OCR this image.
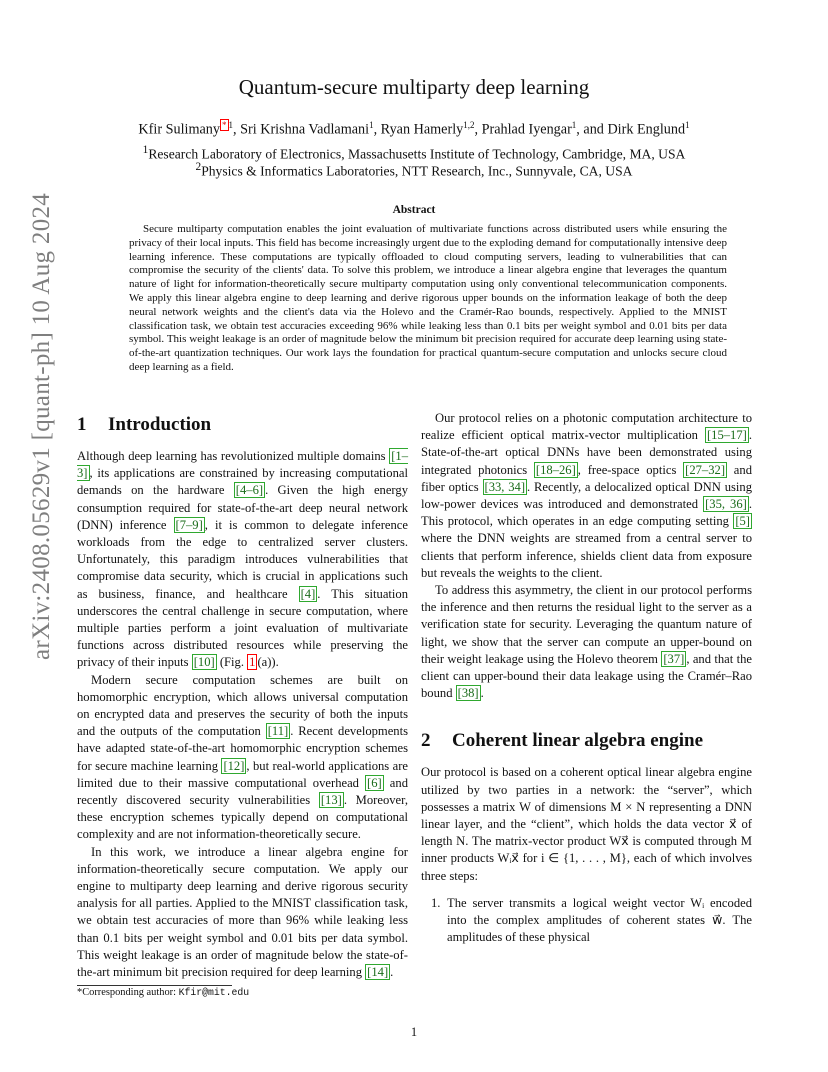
arXiv:2408.05629v1 [quant-ph] 10 Aug 2024
Quantum-secure multiparty deep learning
Kfir Sulimany * $^1$, Sri Krishna Vadlamani$^1$, Ryan Hamerly$^{1,2}$, Prahlad Iyengar$^1$, and Dirk Englund$^1$
$^1$Research Laboratory of Electronics, Massachusetts Institute of Technology, Cambridge, MA, USA
$^2$Physics & Informatics Laboratories, NTT Research, Inc., Sunnyvale, CA, USA
Abstract

Secure multiparty computation enables the joint evaluation of multivariate functions across distributed users while ensuring the privacy of their local inputs. This field has become increasingly urgent due to the exploding demand for computationally intensive deep learning inference. These computations are typically offloaded to cloud computing servers, leading to vulnerabilities that can compromise the security of the clients' data. To solve this problem, we introduce a linear algebra engine that leverages the quantum nature of light for information-theoretically secure multiparty computation using only conventional telecommunication components. We apply this linear algebra engine to deep learning and derive rigorous upper bounds on the information leakage of both the deep neural network weights and the client's data via the Holevo and the Cramér-Rao bounds, respectively. Applied to the MNIST classification task, we obtain test accuracies exceeding 96% while leaking less than 0.1 bits per weight symbol and 0.01 bits per data symbol. This weight leakage is an order of magnitude below the minimum bit precision required for accurate deep learning using state-of-the-art quantization techniques. Our work lays the foundation for practical quantum-secure computation and unlocks secure cloud deep learning as a field.

1 Introduction

Although deep learning has revolutionized multiple domains [1–3] , its applications are constrained by increasing computational demands on the hardware [4–6] . Given the high energy consumption required for state-of-the-art deep neural network (DNN) inference [7–9] , it is common to delegate inference workloads from the edge to centralized server clusters. Unfortunately, this paradigm introduces vulnerabilities that compromise data security, which is crucial in applications such as business, finance, and healthcare [4] . This situation underscores the central challenge in secure computation, where multiple parties perform a joint evaluation of multivariate functions across distributed resources while preserving the privacy of their inputs [10] (Fig. 1 (a)).

Modern secure computation schemes are built on homomorphic encryption, which allows universal computation on encrypted data and preserves the security of both the inputs and the outputs of the computation [11] . Recent developments have adapted state-of-the-art homomorphic encryption schemes for secure machine learning [12] , but real-world applications are limited due to their massive computational overhead [6] and recently discovered security vulnerabilities [13] . Moreover, these encryption schemes typically depend on computational complexity and are not information-theoretically secure.

In this work, we introduce a linear algebra engine for information-theoretically secure computation. We apply our engine to multiparty deep learning and derive rigorous security analysis for all parties. Applied to the MNIST classification task, we obtain test accuracies of more than 96% while leaking less than 0.1 bits per weight symbol and 0.01 bits per data symbol. This weight leakage is an order of magnitude below the state-of-the-art minimum bit precision required for deep learning [14] .

Our protocol relies on a photonic computation architecture to realize efficient optical matrix-vector multiplication [15–17] . State-of-the-art optical DNNs have been demonstrated using integrated photonics [18–26] , free-space optics [27–32] and fiber optics [33, 34] . Recently, a delocalized optical DNN using low-power devices was introduced and demonstrated [35, 36] . This protocol, which operates in an edge computing setting [5] where the DNN weights are streamed from a central server to clients that perform inference, shields client data from exposure but reveals the weights to the client.

To address this asymmetry, the client in our protocol performs the inference and then returns the residual light to the server as a verification state for security. Leveraging the quantum nature of light, we show that the server can compute an upper-bound on their weight leakage using the Holevo theorem [37] , and that the client can upper-bound their data leakage using the Cramér–Rao bound [38] .

2 Coherent linear algebra engine

Our protocol is based on a coherent optical linear algebra engine utilized by two parties in a network: the “server”, which possesses a matrix W of dimensions M × N representing a DNN linear layer, and the “client”, which holds the data vector x⃗ of length N. The matrix-vector product Wx⃗ is computed through M inner products Wᵢx⃗ for i ∈ {1, . . . , M}, each of which involves three steps:

1. The server transmits a logical weight vector Wᵢ encoded into the complex amplitudes of coherent states w⃗. The amplitudes of these physical
*Corresponding author: Kfir@mit.edu
1
